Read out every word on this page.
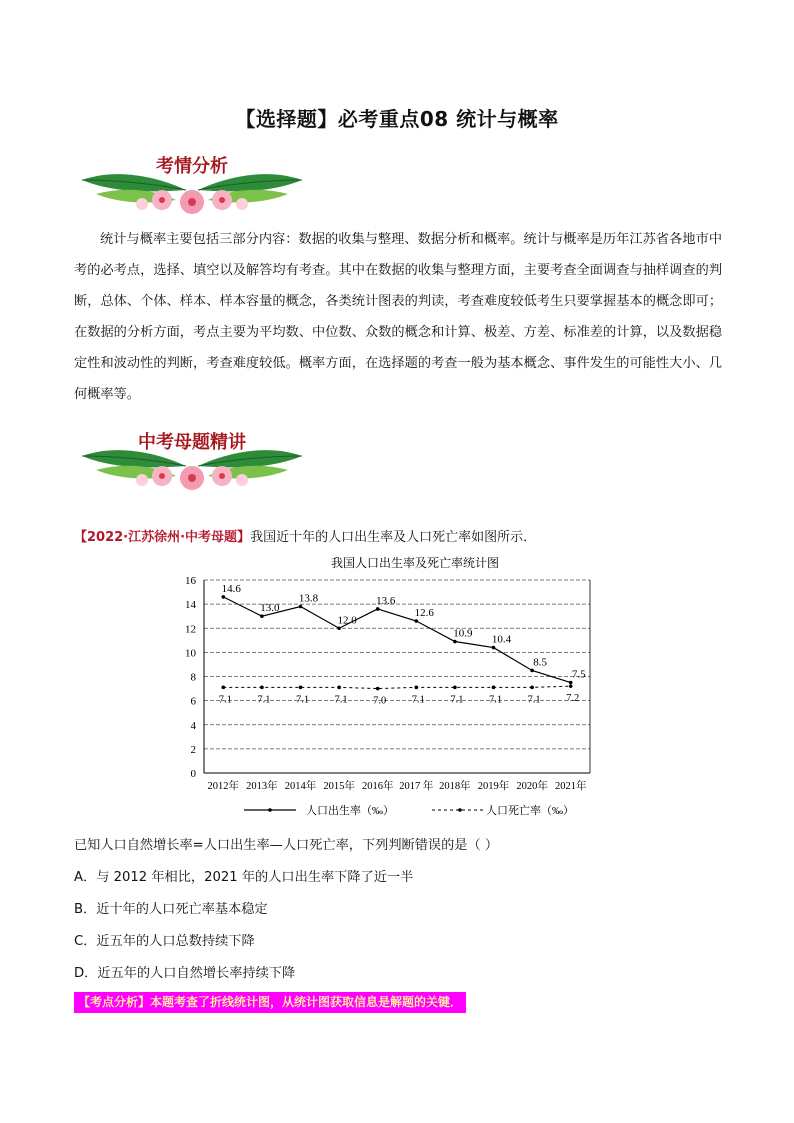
【选择题】必考重点08 统计与概率
考情分析

统计与概率主要包括三部分内容：数据的收集与整理、数据分析和概率。统计与概率是历年江苏省各地市中考的必考点，选择、填空以及解答均有考查。其中在数据的收集与整理方面，主要考查全面调查与抽样调查的判断，总体、个体、样本、样本容量的概念，各类统计图表的判读，考查难度较低考生只要掌握基本的概念即可；在数据的分析方面，考点主要为平均数、中位数、众数的概念和计算、极差、方差、标准差的计算，以及数据稳定性和波动性的判断，考查难度较低。概率方面，在选择题的考查一般为基本概念、事件发生的可能性大小、几何概率等。

中考母题精讲
【2022·江苏徐州·中考母题】我国近十年的人口出生率及人口死亡率如图所示．
我国人口出生率及死亡率统计图
0
2
4
6
8
10
12
14
16
2012年 2013年 2014年 2015年 2016年 2017 年 2018年 2019年 2020年 2021年
7.1 7.1 7.1 7.1 7.0 7.1 7.1 7.1 7.1 7.2
14.6
13.0
13.8
12.0
13.6
12.6
10.9
10.4
8.5
7.5
人口出生率（‰）	人口死亡率（‰）
已知人口自然增长率=人口出生率—人口死亡率，下列判断错误的是（ ）
A．与 2012 年相比，2021 年的人口出生率下降了近一半
B．近十年的人口死亡率基本稳定
C．近五年的人口总数持续下降
D．近五年的人口自然增长率持续下降
【考点分析】本题考查了折线统计图，从统计图获取信息是解题的关键．
